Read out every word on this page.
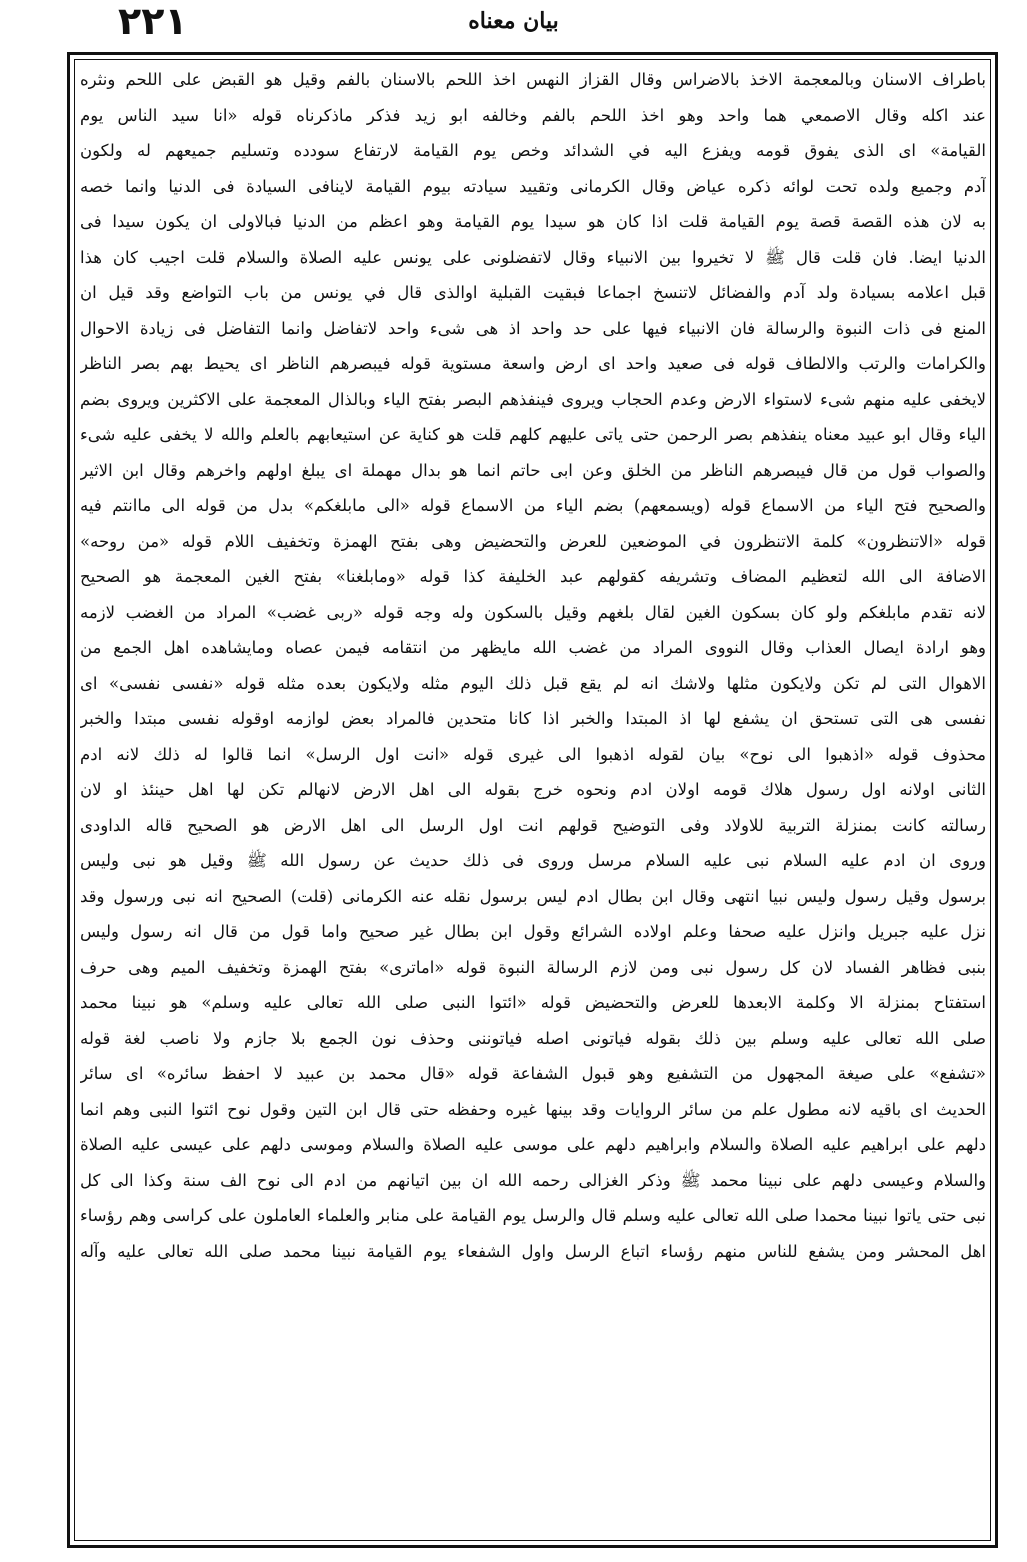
٢٢١	بیان معناه
باطراف الاسنان وبالمعجمة الاخذ بالاضراس وقال القزاز النهس اخذ اللحم بالاسنان بالفم وقيل هو القبض على اللحم ونثره
عند اكله وقال الاصمعي هما واحد وهو اخذ اللحم بالفم وخالفه ابو زيد فذكر ماذكرناه قوله «انا سيد الناس يوم
القيامة» اى الذى يفوق قومه ويفزع اليه في الشدائد وخص يوم القيامة لارتفاع سودده وتسليم جميعهم له ولكون
آدم وجميع ولده تحت لوائه ذكره عياض وقال الكرمانى وتقييد سيادته بيوم القيامة لاينافى السيادة فى الدنيا وانما خصه
به لان هذه القصة قصة يوم القيامة قلت اذا كان هو سيدا يوم القيامة وهو اعظم من الدنيا فبالاولى ان يكون سيدا فى
الدنيا ايضا. فان قلت قال ﷺ لا تخيروا بين الانبياء وقال لاتفضلونى على يونس عليه الصلاة والسلام قلت اجيب كان هذا
قبل اعلامه بسيادة ولد آدم والفضائل لاتنسخ اجماعا فبقيت القبلية اوالذى قال في يونس من باب التواضع وقد قيل ان
المنع فى ذات النبوة والرسالة فان الانبياء فيها على حد واحد اذ هى شىء واحد لاتفاضل وانما التفاضل فى زيادة الاحوال
والكرامات والرتب والالطاف قوله فى صعيد واحد اى ارض واسعة مستوية قوله فيبصرهم الناظر اى يحيط بهم بصر الناظر
لايخفى عليه منهم شىء لاستواء الارض وعدم الحجاب ويروى فينفذهم البصر بفتح الياء وبالذال المعجمة على الاكثرين ويروى بضم
الياء وقال ابو عبيد معناه ينفذهم بصر الرحمن حتى ياتى عليهم كلهم قلت هو كناية عن استيعابهم بالعلم والله لا يخفى عليه شىء
والصواب قول من قال فيبصرهم الناظر من الخلق وعن ابى حاتم انما هو بدال مهملة اى يبلغ اولهم واخرهم وقال ابن الاثير
والصحيح فتح الياء من الاسماع قوله (ويسمعهم) بضم الياء من الاسماع قوله «الى مابلغكم» بدل من قوله الى ماانتم فيه
قوله «الاتنظرون» كلمة الاتنظرون في الموضعين للعرض والتحضيض وهى بفتح الهمزة وتخفيف اللام قوله «من روحه»
الاضافة الى الله لتعظيم المضاف وتشريفه كقولهم عبد الخليفة كذا قوله «ومابلغنا» بفتح الغين المعجمة هو الصحيح
لانه تقدم مابلغكم ولو كان بسكون الغين لقال بلغهم وقيل بالسكون وله وجه قوله «ربى غضب» المراد من الغضب لازمه
وهو ارادة ايصال العذاب وقال النووى المراد من غضب الله مايظهر من انتقامه فيمن عصاه ومايشاهده اهل الجمع من
الاهوال التى لم تكن ولايكون مثلها ولاشك انه لم يقع قبل ذلك اليوم مثله ولايكون بعده مثله قوله «نفسى نفسى» اى
نفسى هى التى تستحق ان يشفع لها اذ المبتدا والخبر اذا كانا متحدين فالمراد بعض لوازمه اوقوله نفسى مبتدا والخبر
محذوف قوله «اذهبوا الى نوح» بيان لقوله اذهبوا الى غيرى قوله «انت اول الرسل» انما قالوا له ذلك لانه ادم
الثانى اولانه اول رسول هلاك قومه اولان ادم ونحوه خرج بقوله الى اهل الارض لانهالم تكن لها اهل حينئذ او لان
رسالته كانت بمنزلة التربية للاولاد وفى التوضيح قولهم انت اول الرسل الى اهل الارض هو الصحيح قاله الداودى
وروى ان ادم عليه السلام نبى عليه السلام مرسل وروى فى ذلك حديث عن رسول الله ﷺ وقيل هو نبى وليس
برسول وقيل رسول وليس نبيا انتهى وقال ابن بطال ادم ليس برسول نقله عنه الكرمانى (قلت) الصحيح انه نبى ورسول وقد
نزل عليه جبريل وانزل عليه صحفا وعلم اولاده الشرائع وقول ابن بطال غير صحيح واما قول من قال انه رسول وليس
بنبى فظاهر الفساد لان كل رسول نبى ومن لازم الرسالة النبوة قوله «اماترى» بفتح الهمزة وتخفيف الميم وهى حرف
استفتاح بمنزلة الا وكلمة الابعدها للعرض والتحضيض قوله «ائتوا النبى صلى الله تعالى عليه وسلم» هو نبينا محمد
صلى الله تعالى عليه وسلم بين ذلك بقوله فياتونى اصله فياتوننى وحذف نون الجمع بلا جازم ولا ناصب لغة قوله
«تشفع» على صيغة المجهول من التشفيع وهو قبول الشفاعة قوله «قال محمد بن عبيد لا احفظ سائره» اى سائر
الحديث اى باقيه لانه مطول علم من سائر الروايات وقد بينها غيره وحفظه حتى قال ابن التين وقول نوح ائتوا النبى وهم انما
دلهم على ابراهيم عليه الصلاة والسلام وابراهيم دلهم على موسى عليه الصلاة والسلام وموسى دلهم على عيسى عليه الصلاة
والسلام وعيسى دلهم على نبينا محمد ﷺ وذكر الغزالى رحمه الله ان بين اتيانهم من ادم الى نوح الف سنة وكذا الى كل
نبى حتى ياتوا نبينا محمدا صلى الله تعالى عليه وسلم قال والرسل يوم القيامة على منابر والعلماء العاملون على كراسى وهم رؤساء
اهل المحشر ومن يشفع للناس منهم رؤساء اتباع الرسل واول الشفعاء يوم القيامة نبينا محمد صلى الله تعالى عليه وآله
